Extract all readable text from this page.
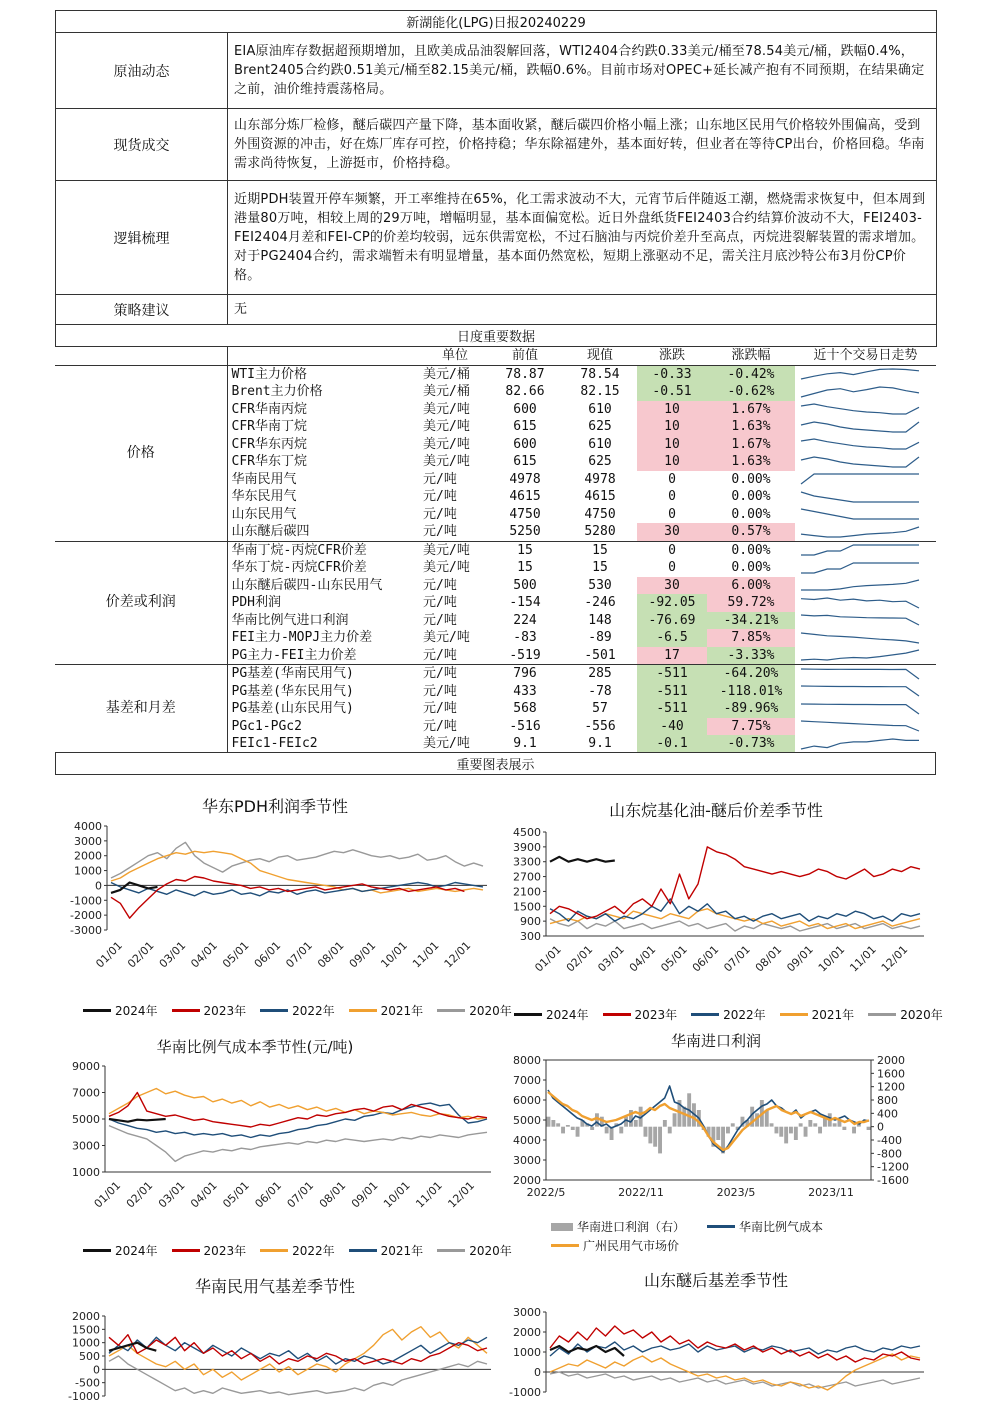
新湖能化(LPG)日报20240229	
原油动态	EIA原油库存数据超预期增加，且欧美成品油裂解回落，WTI2404合约跌0.33美元/桶至78.54美元/桶，跌幅0.4%，Brent2405合约跌0.51美元/桶至82.15美元/桶，跌幅0.6%。目前市场对OPEC+延长减产抱有不同预期，在结果确定之前，油价维持震荡格局。
现货成交	山东部分炼厂检修，醚后碳四产量下降，基本面收紧，醚后碳四价格小幅上涨；山东地区民用气价格较外围偏高，受到外围资源的冲击，好在炼厂库存可控，价格持稳；华东除福建外，基本面好转，但业者在等待CP出台，价格回稳。华南需求尚待恢复，上游挺市，价格持稳。
逻辑梳理	近期PDH装置开停车频繁，开工率维持在65%，化工需求波动不大，元宵节后伴随返工潮，燃烧需求恢复中，但本周到港量80万吨，相较上周的29万吨，增幅明显，基本面偏宽松。近日外盘纸货FEI2403合约结算价波动不大，FEI2403-FEI2404月差和FEI-CP的价差均较弱，远东供需宽松，不过石脑油与丙烷价差升至高点，丙烷进裂解装置的需求增加。对于PG2404合约，需求端暂未有明显增量，基本面仍然宽松，短期上涨驱动不足，需关注月底沙特公布3月份CP价格。
策略建议	无
日度重要数据	
		单位	前值	现值	涨跌	涨跌幅	近十个交易日走势
价格	WTI主力价格	美元/桶	78.87	78.54	-0.33	-0.42%	

	Brent主力价格	美元/桶	82.66	82.15	-0.51	-0.62%	

	CFR华南丙烷	美元/吨	600	610	10	1.67%	

	CFR华南丁烷	美元/吨	615	625	10	1.63%	

	CFR华东丙烷	美元/吨	600	610	10	1.67%	

	CFR华东丁烷	美元/吨	615	625	10	1.63%	

	华南民用气	元/吨	4978	4978	0	0.00%	

	华东民用气	元/吨	4615	4615	0	0.00%	

	山东民用气	元/吨	4750	4750	0	0.00%	

	山东醚后碳四	元/吨	5250	5280	30	0.57%	

价差或利润	华南丁烷-丙烷CFR价差	美元/吨	15	15	0	0.00%	

	华东丁烷-丙烷CFR价差	美元/吨	15	15	0	0.00%	

	山东醚后碳四-山东民用气	元/吨	500	530	30	6.00%	

	PDH利润	元/吨	-154	-246	-92.05	59.72%	

	华南比例气进口利润	元/吨	224	148	-76.69	-34.21%	

	FEI主力-MOPJ主力价差	美元/吨	-83	-89	-6.5	7.85%	

	PG主力-FEI主力价差	元/吨	-519	-501	17	-3.33%	

基差和月差	PG基差(华南民用气)	元/吨	796	285	-511	-64.20%	

	PG基差(华东民用气)	元/吨	433	-78	-511	-118.01%	

	PG基差(山东民用气)	元/吨	568	57	-511	-89.96%	

	PGc1-PGc2	元/吨	-516	-556	-40	7.75%	

	FEIc1-FEIc2	美元/吨	9.1	9.1	-0.1	-0.73%	
重要图表展示
华东PDH利润季节性
-3000
-2000
-1000
0
1000
2000
3000
4000
01/01 02/01 03/01 04/01 05/01 06/01 07/01 08/01 09/01 10/01 11/01 12/01
2024年	2023年	2022年	2021年	2020年
山东烷基化油-醚后价差季节性
300
900
1500
2100
2700
3300
3900
4500
01/01 02/01 03/01 04/01 05/01 06/01 07/01 08/01 09/01 10/01 11/01 12/01
2024年	2023年	2022年	2021年	2020年
华南比例气成本季节性(元/吨)
1000
3000
5000
7000
9000
01/01 02/01 03/01 04/01 05/01 06/01 07/01 08/01 09/01 10/01 11/01 12/01
2024年	2023年	2022年	2021年	2020年
华南进口利润
2000
3000
4000
5000
6000
7000
8000
-1600
-1200
-800
-400
0
400
800
1200
1600
2000
2022/5	2022/11	2023/5	2023/11
华南进口利润（右）	华南比例气成本
广州民用气市场价
华南民用气基差季节性
-1000
-500
0
500
1000
1500
2000
山东醚后基差季节性
-1000
0
1000
2000
3000
